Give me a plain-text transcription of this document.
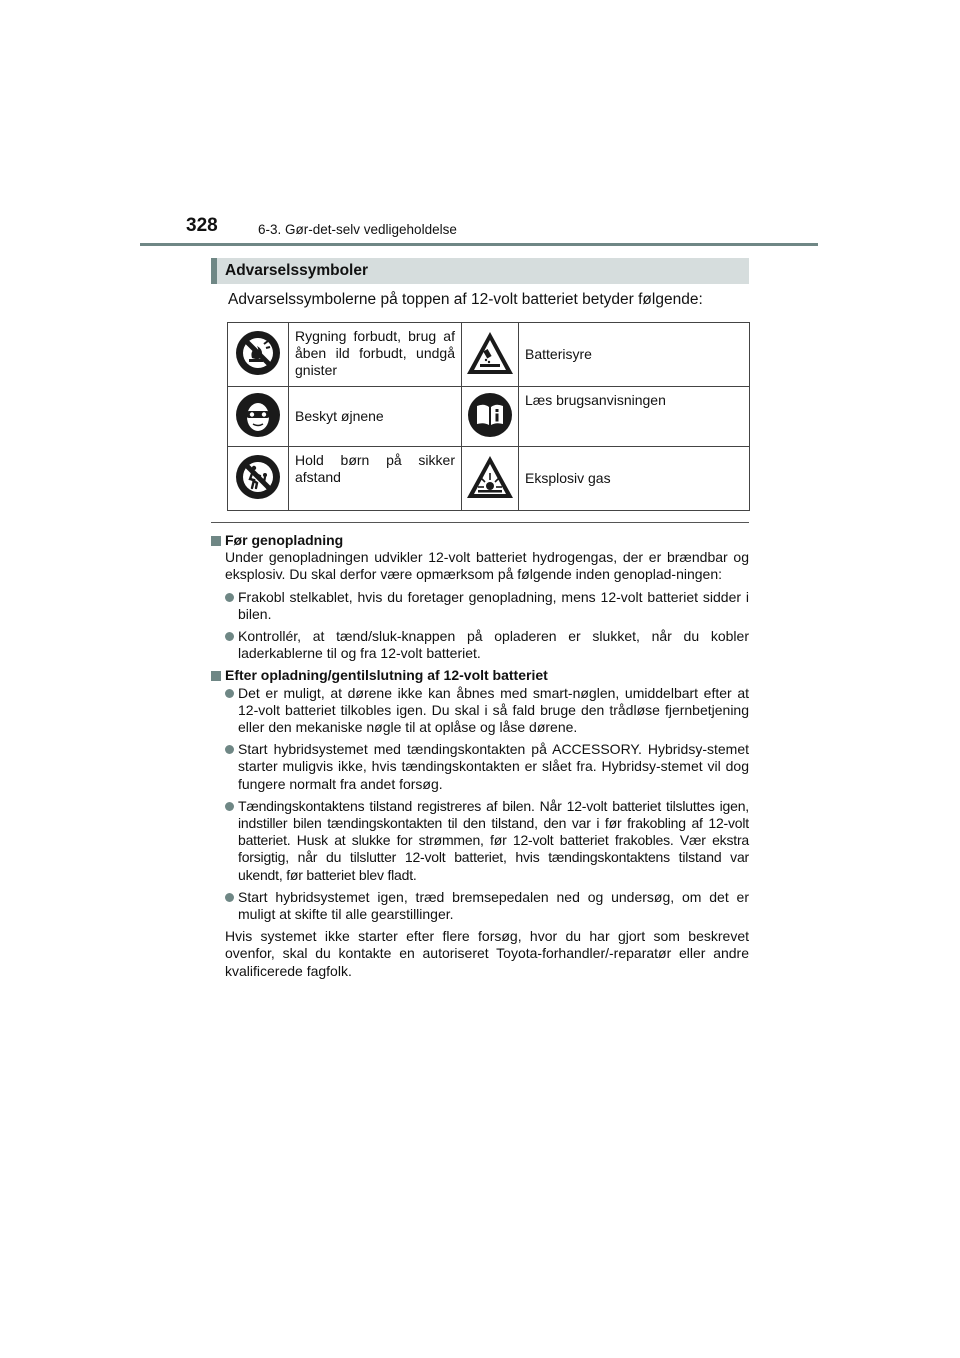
328	6-3. Gør-det-selv vedligeholdelse
Advarselssymboler
Advarselssymbolerne på toppen af 12-volt batteriet betyder følgende:
	Rygning forbudt, brug af åben ild forbudt, undgå gnister		Batterisyre
	Beskyt øjnene		Læs brugsanvisningen
	Hold børn på sikker afstand		Eksplosiv gas
Før genopladning
Under genopladningen udvikler 12-volt batteriet hydrogengas, der er brændbar og eksplosiv. Du skal derfor være opmærksom på følgende inden genoplad-ningen:
Frakobl stelkablet, hvis du foretager genopladning, mens 12-volt batteriet sidder i bilen.
Kontrollér, at tænd/sluk-knappen på opladeren er slukket, når du kobler laderkablerne til og fra 12-volt batteriet.
Efter opladning/gentilslutning af 12-volt batteriet
Det er muligt, at dørene ikke kan åbnes med smart-nøglen, umiddelbart efter at 12-volt batteriet tilkobles igen. Du skal i så fald bruge den trådløse fjernbetjening eller den mekaniske nøgle til at oplåse og låse dørene.
Start hybridsystemet med tændingskontakten på ACCESSORY. Hybridsy-stemet starter muligvis ikke, hvis tændingskontakten er slået fra. Hybridsy-stemet vil dog fungere normalt fra andet forsøg.
Tændingskontaktens tilstand registreres af bilen. Når 12-volt batteriet tilsluttes igen, indstiller bilen tændingskontakten til den tilstand, den var i før frakobling af 12-volt batteriet. Husk at slukke for strømmen, før 12-volt batteriet frakobles. Vær ekstra forsigtig, når du tilslutter 12-volt batteriet, hvis tændingskontaktens tilstand var ukendt, før batteriet blev fladt.
Start hybridsystemet igen, træd bremsepedalen ned og undersøg, om det er muligt at skifte til alle gearstillinger.
Hvis systemet ikke starter efter flere forsøg, hvor du har gjort som beskrevet ovenfor, skal du kontakte en autoriseret Toyota-forhandler/-reparatør eller andre kvalificerede fagfolk.
